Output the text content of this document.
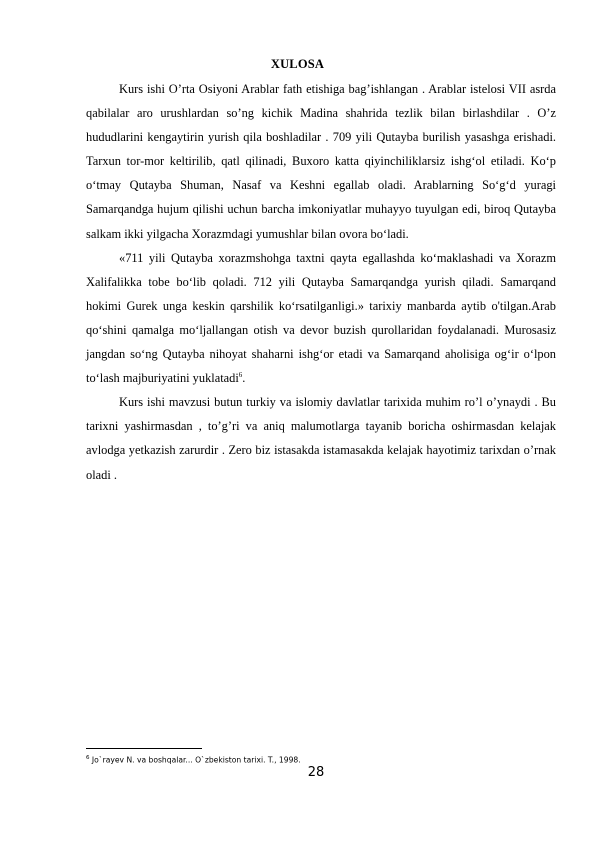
XULOSA

Kurs ishi O’rta Osiyoni Arablar fath etishiga bag’ishlangan . Arablar istelosi VII asrda qabilalar aro urushlardan so’ng kichik Madina shahrida tezlik bilan birlashdilar . O’z hududlarini kengaytirin yurish qila boshladilar . 709 yili Qutayba burilish yasashga erishadi. Tarxun tor-mor keltirilib, qatl qilinadi, Buxoro katta qiyinchiliklarsiz ishg‘ol etiladi. Ko‘p o‘tmay Qutayba Shuman, Nasaf va Keshni egallab oladi. Arablarning So‘g‘d yuragi Samarqandga hujum qilishi uchun barcha imkoniyatlar muhayyo tuyulgan edi, biroq Qutayba salkam ikki yilgacha Xorazmdagi yumushlar bilan ovora bo‘ladi.

«711 yili Qutayba xorazmshohga taxtni qayta egallashda ko‘maklashadi va Xorazm Xalifalikka tobe bo‘lib qoladi. 712 yili Qutayba Samarqandga yurish qiladi. Samarqand hokimi Gurek unga keskin qarshilik ko‘rsatilganligi.» tarixiy manbarda aytib o'tilgan.Arab qo‘shini qamalga mo‘ljallangan otish va devor buzish qurollaridan foydalanadi. Murosasiz jangdan so‘ng Qutayba nihoyat shaharni ishg‘or etadi va Samarqand aholisiga og‘ir o‘lpon to‘lash majburiyatini yuklatadi$^6$.

Kurs ishi mavzusi butun turkiy va islomiy davlatlar tarixida muhim ro’l o’ynaydi . Bu tarixni yashirmasdan , to’g’ri va aniq malumotlarga tayanib boricha oshirmasdan kelajak avlodga yetkazish zarurdir . Zero biz istasakda istamasakda kelajak hayotimiz tarixdan o’rnak oladi .

$^6$ Jo`rayev N. va boshqalar... O`zbekiston tarixi. T., 1998.
28
